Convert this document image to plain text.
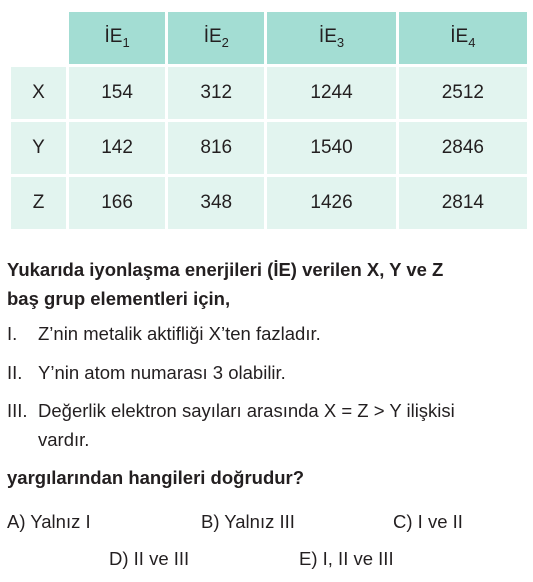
	$İE_1$	$İE_2$	$İE_3$	$İE_4$
X	154	312	1244	2512
Y	142	816	1540	2846
Z	166	348	1426	2814
Yukarıda iyonlaşma enerjileri (İE) verilen X, Y ve Z
baş grup elementleri için,
I. Z’nin metalik aktifliği X’ten fazladır.
II. Y’nin atom numarası 3 olabilir.
III. Değerlik elektron sayıları arasında X = Z > Y ilişkisi
vardır.
yargılarından hangileri doğrudur?
A) Yalnız I	B) Yalnız III	C) I ve II
D) II ve III	E) I, II ve III
